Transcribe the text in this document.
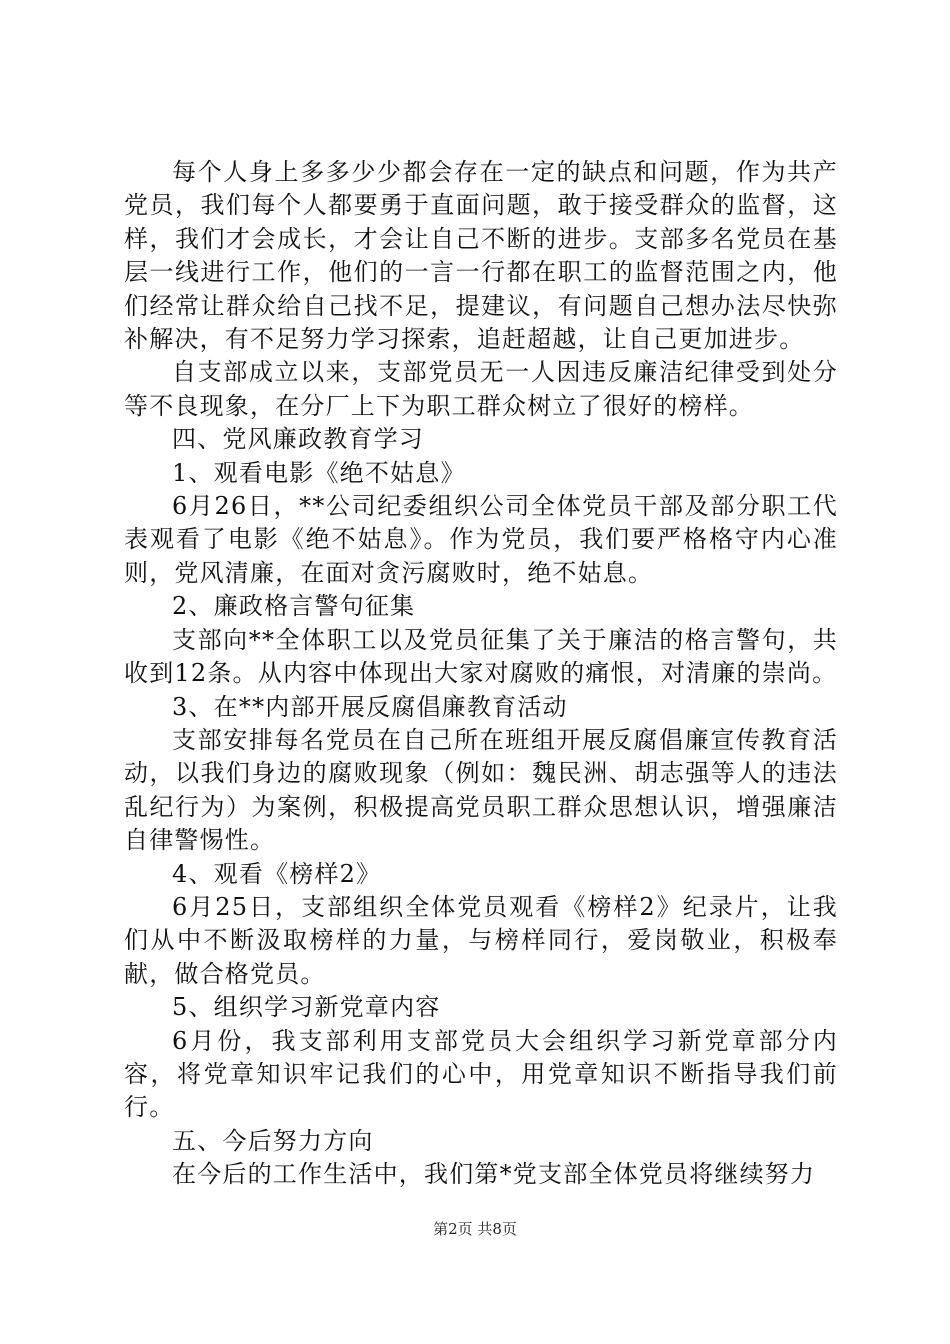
每个人身上多多少少都会存在一定的缺点和问题，作为共产党员，我们每个人都要勇于直面问题，敢于接受群众的监督，这样，我们才会成长，才会让自己不断的进步。支部多名党员在基层一线进行工作，他们的一言一行都在职工的监督范围之内，他们经常让群众给自己找不足，提建议，有问题自己想办法尽快弥补解决，有不足努力学习探索，追赶超越，让自己更加进步。

自支部成立以来，支部党员无一人因违反廉洁纪律受到处分等不良现象，在分厂上下为职工群众树立了很好的榜样。

四、党风廉政教育学习

1、观看电影《绝不姑息》

6月26日，**公司纪委组织公司全体党员干部及部分职工代表观看了电影《绝不姑息》。作为党员，我们要严格格守内心准则，党风清廉，在面对贪污腐败时，绝不姑息。

2、廉政格言警句征集

支部向**全体职工以及党员征集了关于廉洁的格言警句，共收到12条。从内容中体现出大家对腐败的痛恨，对清廉的崇尚。

3、在**内部开展反腐倡廉教育活动

支部安排每名党员在自己所在班组开展反腐倡廉宣传教育活动，以我们身边的腐败现象（例如：魏民洲、胡志强等人的违法乱纪行为）为案例，积极提高党员职工群众思想认识，增强廉洁自律警惕性。

4、观看《榜样2》

6月25日，支部组织全体党员观看《榜样2》纪录片，让我们从中不断汲取榜样的力量，与榜样同行，爱岗敬业，积极奉献，做合格党员。

5、组织学习新党章内容

6月份，我支部利用支部党员大会组织学习新党章部分内容，将党章知识牢记我们的心中，用党章知识不断指导我们前行。

五、今后努力方向

在今后的工作生活中，我们第*党支部全体党员将继续努力

第2页 共8页
